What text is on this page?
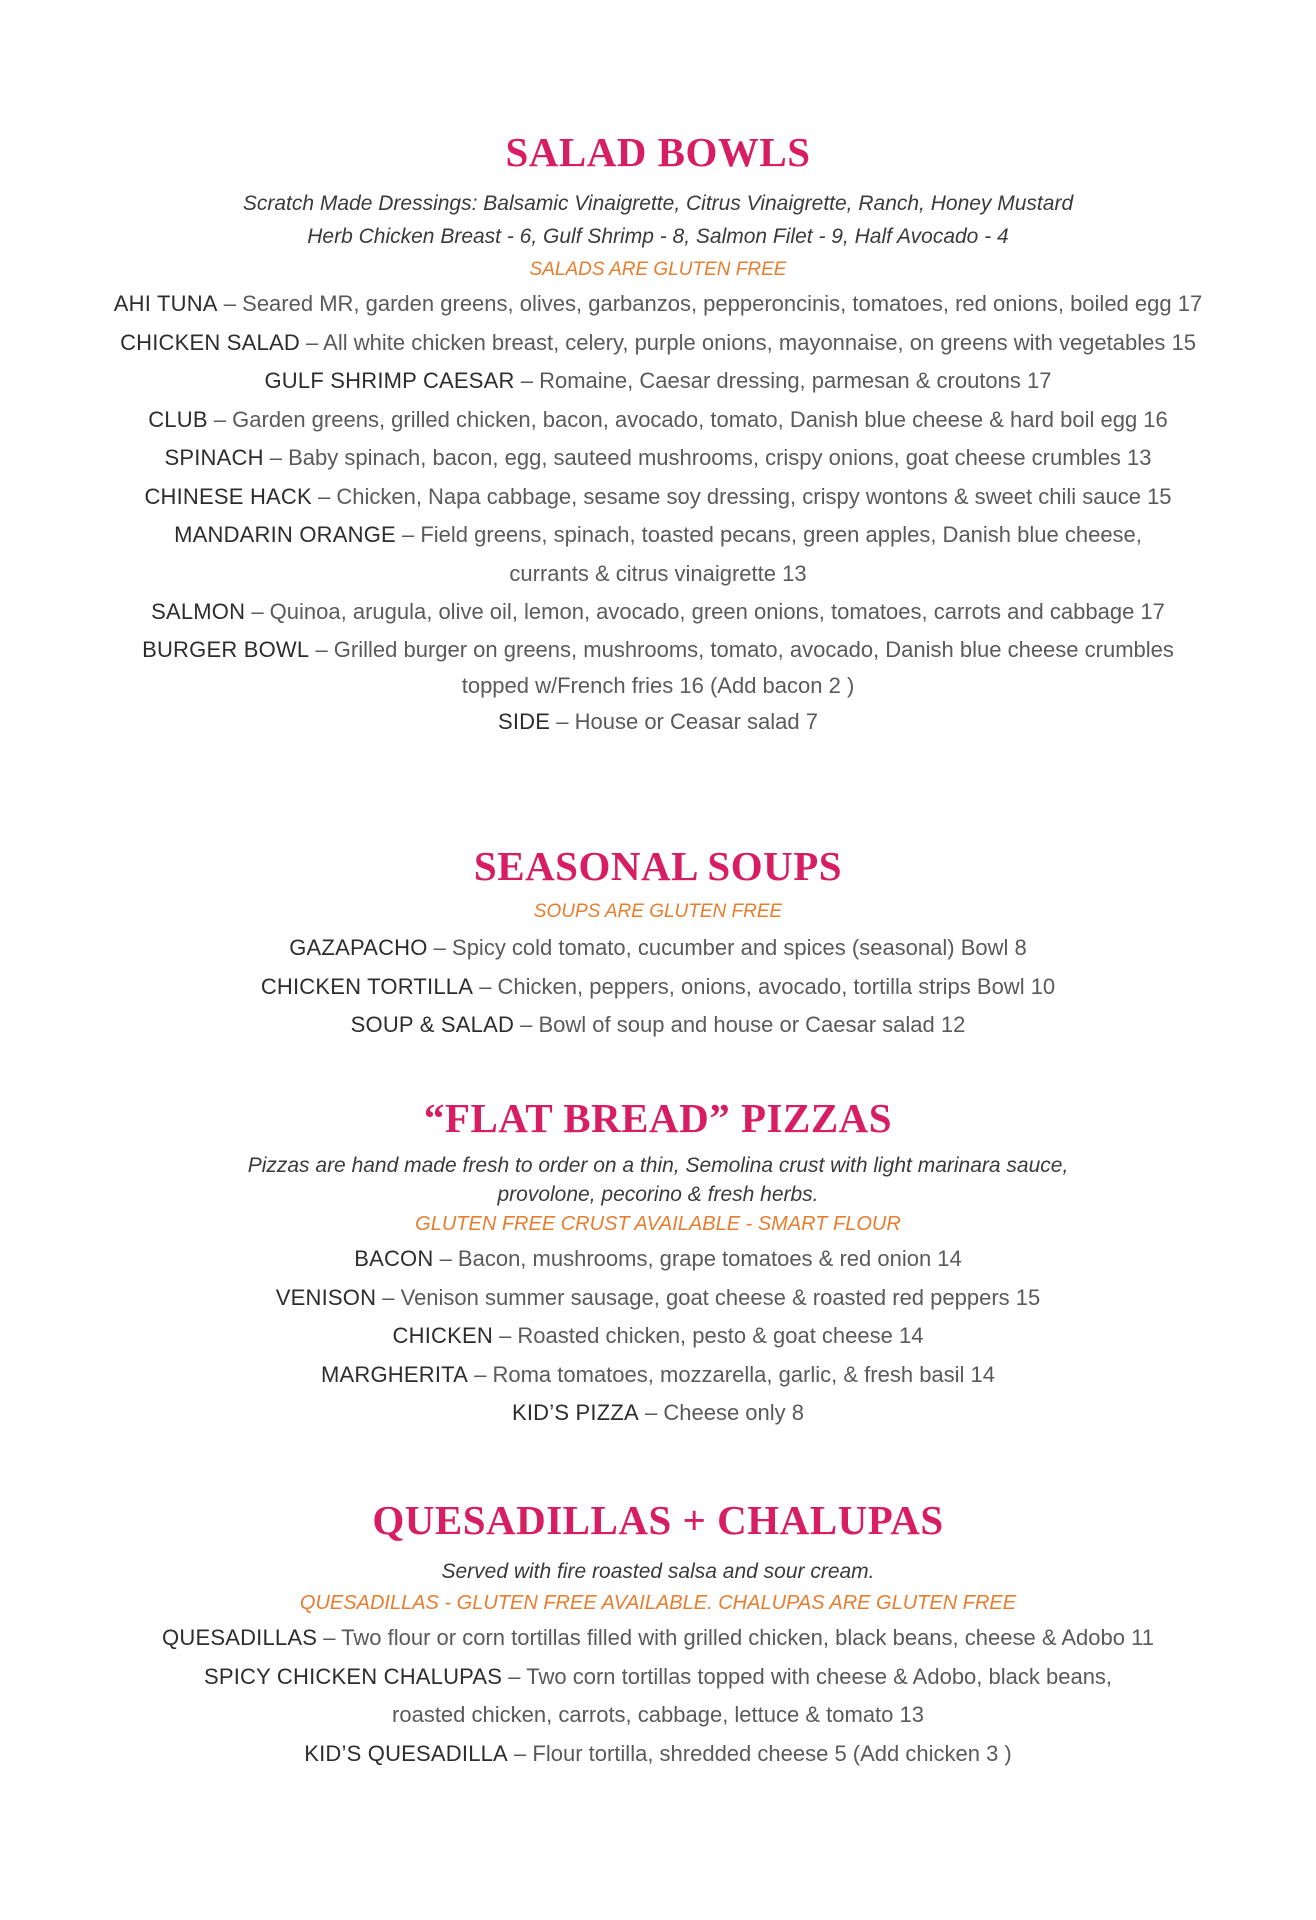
SALAD BOWLS

Scratch Made Dressings: Balsamic Vinaigrette, Citrus Vinaigrette, Ranch, Honey Mustard

Herb Chicken Breast - 6, Gulf Shrimp - 8, Salmon Filet - 9, Half Avocado - 4

SALADS ARE GLUTEN FREE

AHI TUNA – Seared MR, garden greens, olives, garbanzos, pepperoncinis, tomatoes, red onions, boiled egg 17

CHICKEN SALAD – All white chicken breast, celery, purple onions, mayonnaise, on greens with vegetables 15

GULF SHRIMP CAESAR – Romaine, Caesar dressing, parmesan & croutons 17

CLUB – Garden greens, grilled chicken, bacon, avocado, tomato, Danish blue cheese & hard boil egg 16

SPINACH – Baby spinach, bacon, egg, sauteed mushrooms, crispy onions, goat cheese crumbles 13

CHINESE HACK – Chicken, Napa cabbage, sesame soy dressing, crispy wontons & sweet chili sauce 15

MANDARIN ORANGE – Field greens, spinach, toasted pecans, green apples, Danish blue cheese,

currants & citrus vinaigrette 13

SALMON – Quinoa, arugula, olive oil, lemon, avocado, green onions, tomatoes, carrots and cabbage 17

BURGER BOWL – Grilled burger on greens, mushrooms, tomato, avocado, Danish blue cheese crumbles

topped w/French fries 16 (Add bacon 2 )

SIDE – House or Ceasar salad 7

SEASONAL SOUPS

SOUPS ARE GLUTEN FREE

GAZAPACHO – Spicy cold tomato, cucumber and spices (seasonal) Bowl 8

CHICKEN TORTILLA – Chicken, peppers, onions, avocado, tortilla strips Bowl 10

SOUP & SALAD – Bowl of soup and house or Caesar salad 12

“FLAT BREAD” PIZZAS

Pizzas are hand made fresh to order on a thin, Semolina crust with light marinara sauce,

provolone, pecorino & fresh herbs.

GLUTEN FREE CRUST AVAILABLE - SMART FLOUR

BACON – Bacon, mushrooms, grape tomatoes & red onion 14

VENISON – Venison summer sausage, goat cheese & roasted red peppers 15

CHICKEN – Roasted chicken, pesto & goat cheese 14

MARGHERITA – Roma tomatoes, mozzarella, garlic, & fresh basil 14

KID’S PIZZA – Cheese only 8

QUESADILLAS + CHALUPAS

Served with fire roasted salsa and sour cream.

QUESADILLAS - GLUTEN FREE AVAILABLE. CHALUPAS ARE GLUTEN FREE

QUESADILLAS – Two flour or corn tortillas filled with grilled chicken, black beans, cheese & Adobo 11

SPICY CHICKEN CHALUPAS – Two corn tortillas topped with cheese & Adobo, black beans,

roasted chicken, carrots, cabbage, lettuce & tomato 13

KID’S QUESADILLA – Flour tortilla, shredded cheese 5 (Add chicken 3 )
